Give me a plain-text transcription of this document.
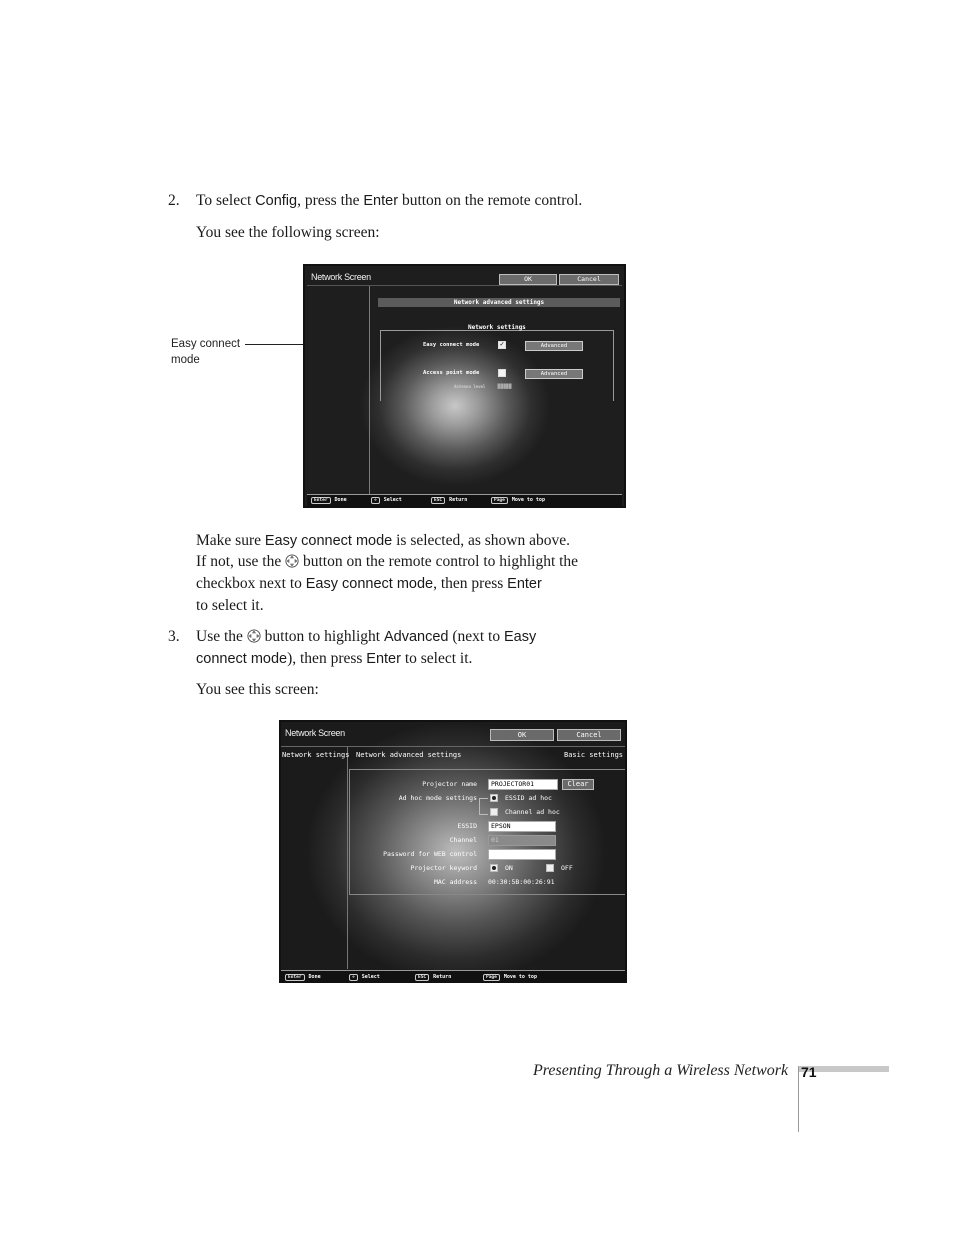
2. To select Config, press the Enter button on the remote control.
You see the following screen:
Easy connect
mode
Network Screen	OK	Cancel
Network advanced settings
Network settings
Easy connect mode	✓	Advanced
Access point mode	Advanced
Antenna level ▮▮▮▮▮
Enter Done	✣ Select	ESC Return	Page Move to top
Make sure Easy connect mode is selected, as shown above.
If not, use the  button on the remote control to highlight the
checkbox next to Easy connect mode, then press Enter
to select it.
3. Use the  button to highlight Advanced (next to Easy
connect mode), then press Enter to select it.
You see this screen:
Network Screen	OK	Cancel
Network settings Network advanced settings	Basic settings
Projector name	PROJECTOR01	Clear
Ad hoc mode settings	ESSID ad hoc
Channel ad hoc
ESSID	EPSON
Channel	01
Password for WEB control
Projector keyword	ON	OFF
MAC address 00:30:5B:00:26:91
Enter Done	✣ Select	ESC Return	Page Move to top
Presenting Through a Wireless Network 71
